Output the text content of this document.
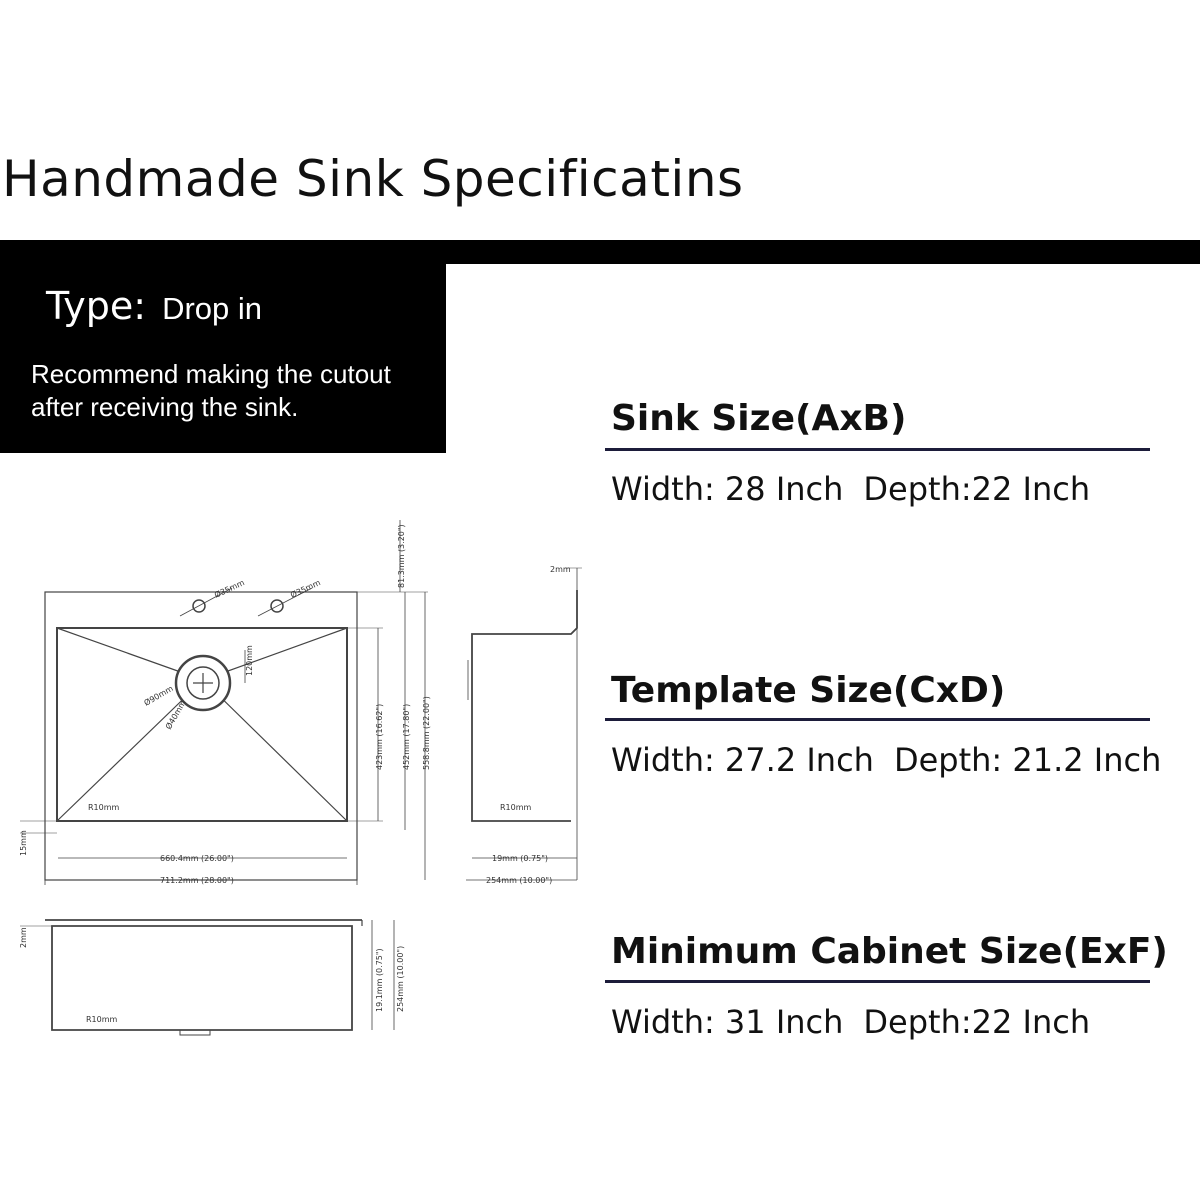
Handmade Sink Specificatins
Type: Drop in
Recommend making the cutout after receiving the sink.	Sink Size(AxB)
Width: 28 Inch Depth:22 Inch
Template Size(CxD)
Width: 27.2 Inch Depth: 21.2 Inch
Minimum Cabinet Size(ExF)
Width: 31 Inch Depth:22 Inch
Ø35mm	Ø35mm
Ø90mm
Ø40mm
120mm
R10mm
660.4mm (26.00")
711.2mm (28.00")
81.3mm (3.20")
423mm (16.62") 452mm (17.80") 558.8mm (22.00")
15mm
2mm
R10mm
19mm (0.75")
254mm (10.00")
2mm
R10mm
19.1mm (0.75") 254mm (10.00")
